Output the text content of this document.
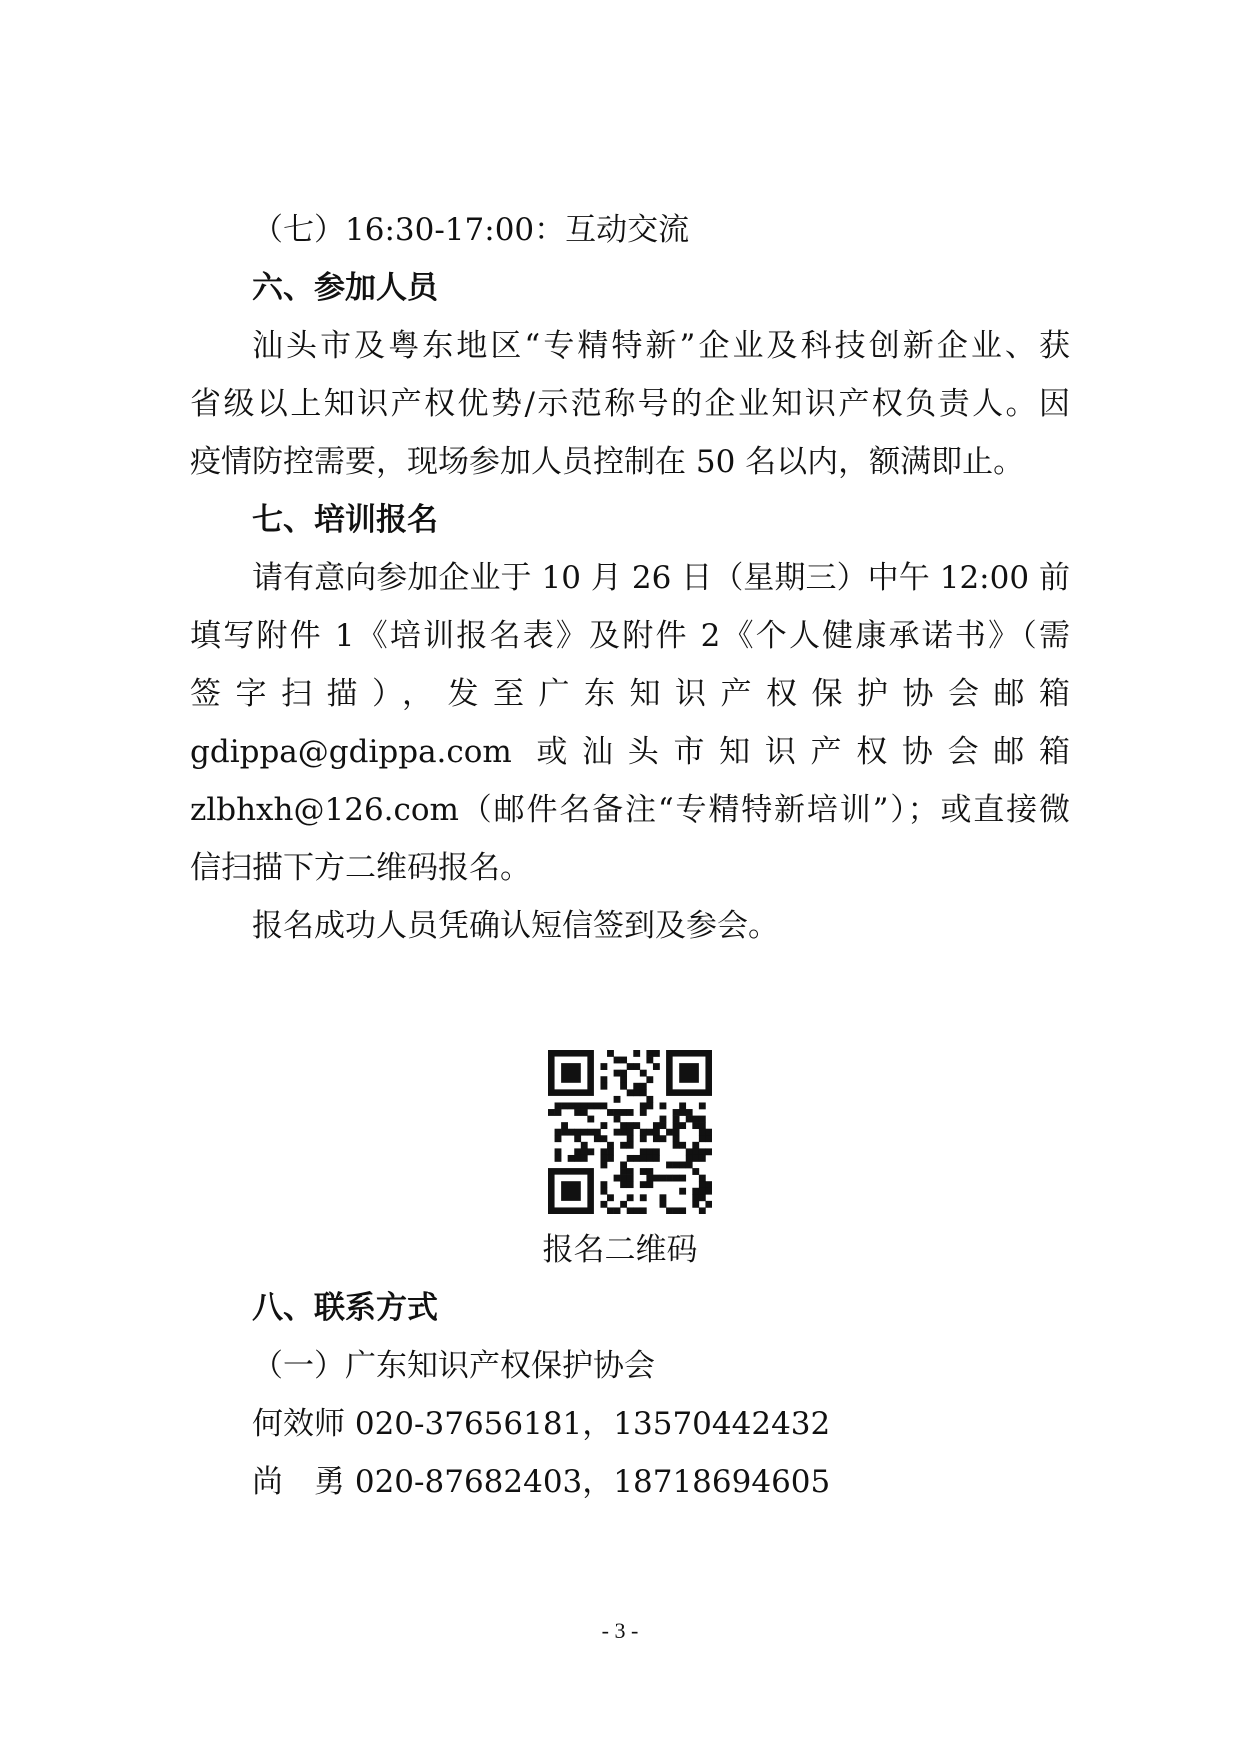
（七）16:30-17:00：互动交流
六、参加人员
汕头市及粤东地区“专精特新”企业及科技创新企业、获
省级以上知识产权优势/示范称号的企业知识产权负责人。因
疫情防控需要，现场参加人员控制在 50 名以内，额满即止。
七、培训报名
请有意向参加企业于 10 月 26 日（星期三）中午 12:00 前
填写附件 1《培训报名表》及附件 2《个人健康承诺书》（需
签字扫描），发至广东知识产权保护协会邮箱
gdippa@gdippa.com 或汕头市知识产权协会邮箱
zlbhxh@126.com（邮件名备注“专精特新培训”）；或直接微
信扫描下方二维码报名。
报名成功人员凭确认短信签到及参会。
报名二维码
八、联系方式
（一）广东知识产权保护协会
何效师 020-37656181，13570442432
尚　勇 020-87682403，18718694605
- 3 -
